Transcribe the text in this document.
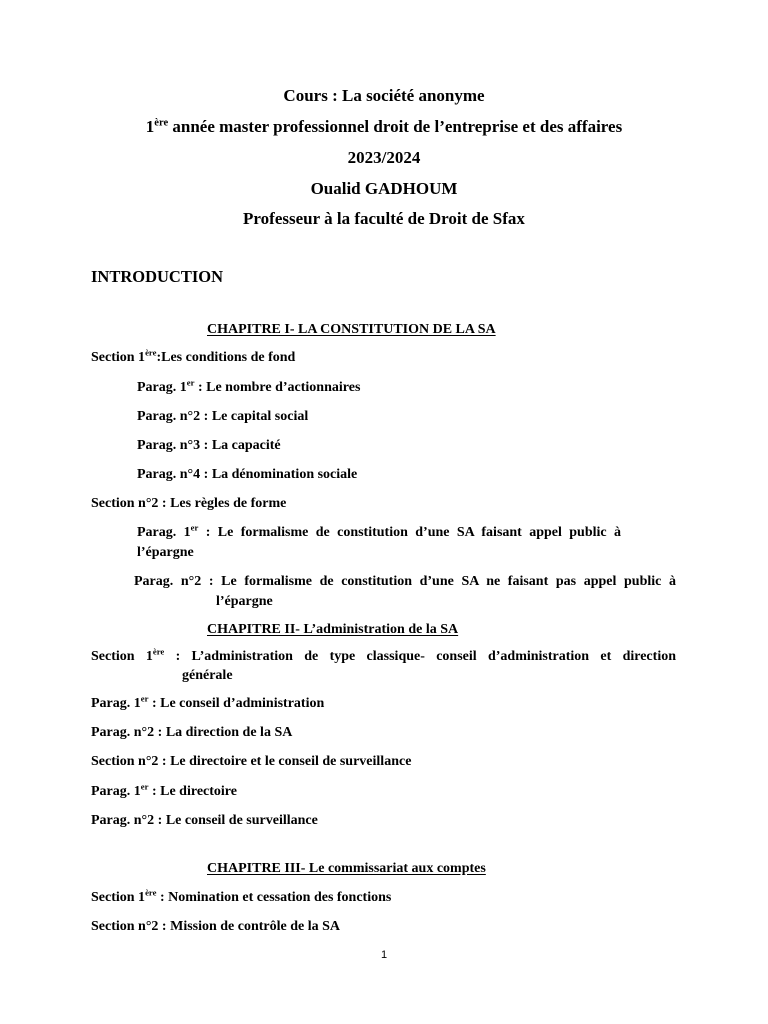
Cours : La société anonyme
1ère année master professionnel droit de l’entreprise et des affaires
2023/2024
Oualid GADHOUM
Professeur à la faculté de Droit de Sfax
INTRODUCTION
CHAPITRE I- LA CONSTITUTION DE LA SA
Section 1ère:Les conditions de fond
Parag. 1er : Le nombre d’actionnaires
Parag. n°2 : Le capital social
Parag. n°3 : La capacité
Parag. n°4 : La dénomination sociale
Section n°2 : Les règles de forme
Parag. 1er : Le formalisme de constitution d’une SA faisant appel public à
l’épargne
Parag. n°2 : Le formalisme de constitution d’une SA ne faisant pas appel public à
l’épargne
CHAPITRE II- L’administration de la SA
Section 1ère : L’administration de type classique- conseil d’administration et direction
générale
Parag. 1er : Le conseil d’administration
Parag. n°2 : La direction de la SA
Section n°2 : Le directoire et le conseil de surveillance
Parag. 1er : Le directoire
Parag. n°2 : Le conseil de surveillance
CHAPITRE III- Le commissariat aux comptes
Section 1ère : Nomination et cessation des fonctions
Section n°2 : Mission de contrôle de la SA
1
